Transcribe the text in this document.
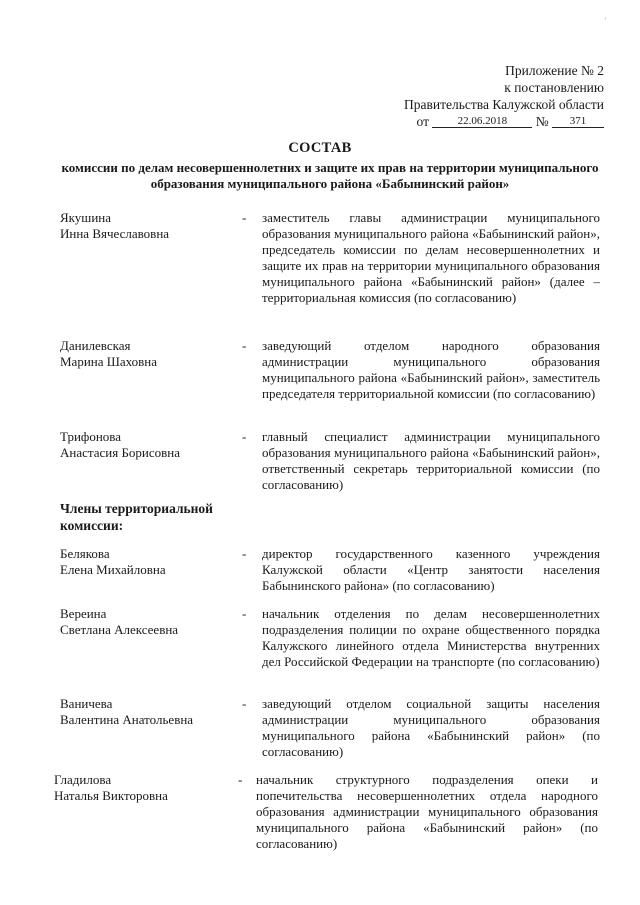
'
Приложение № 2
к постановлению
Правительства Калужской области
от	22.06.2018 № 371
СОСТАВ
комиссии по делам несовершеннолетних и защите их прав на территории муниципального образования муниципального района «Бабынинский район»
Якушина
Инна Вячеславовна
- заместитель главы администрации муниципального образования муниципального района «Бабынинский район», председатель комиссии по делам несовершеннолетних и защите их прав на территории муниципального образования муниципального района «Бабынинский район» (далее – территориальная комиссия (по согласованию)
Данилевская
Марина Шаховна
- заведующий отделом народного образования администрации муниципального образования муниципального района «Бабынинский район», заместитель председателя территориальной комиссии (по согласованию)
Трифонова
Анастасия Борисовна
- главный специалист администрации муниципального образования муниципального района «Бабынинский район», ответственный секретарь территориальной комиссии (по согласованию)
Члены территориальной
комиссии:
Белякова
Елена Михайловна
- директор государственного казенного учреждения Калужской области «Центр занятости населения Бабынинского района» (по согласованию)
Вереина
Светлана Алексеевна
- начальник отделения по делам несовершеннолетних подразделения полиции по охране общественного порядка Калужского линейного отдела Министерства внутренних дел Российской Федерации на транспорте (по согласованию)
Ваничева
Валентина Анатольевна
- заведующий отделом социальной защиты населения администрации муниципального образования муниципального района «Бабынинский район» (по согласованию)
Гладилова
Наталья Викторовна
- начальник структурного подразделения опеки и попечительства несовершеннолетних отдела народного образования администрации муниципального образования муниципального района «Бабынинский район» (по согласованию)
